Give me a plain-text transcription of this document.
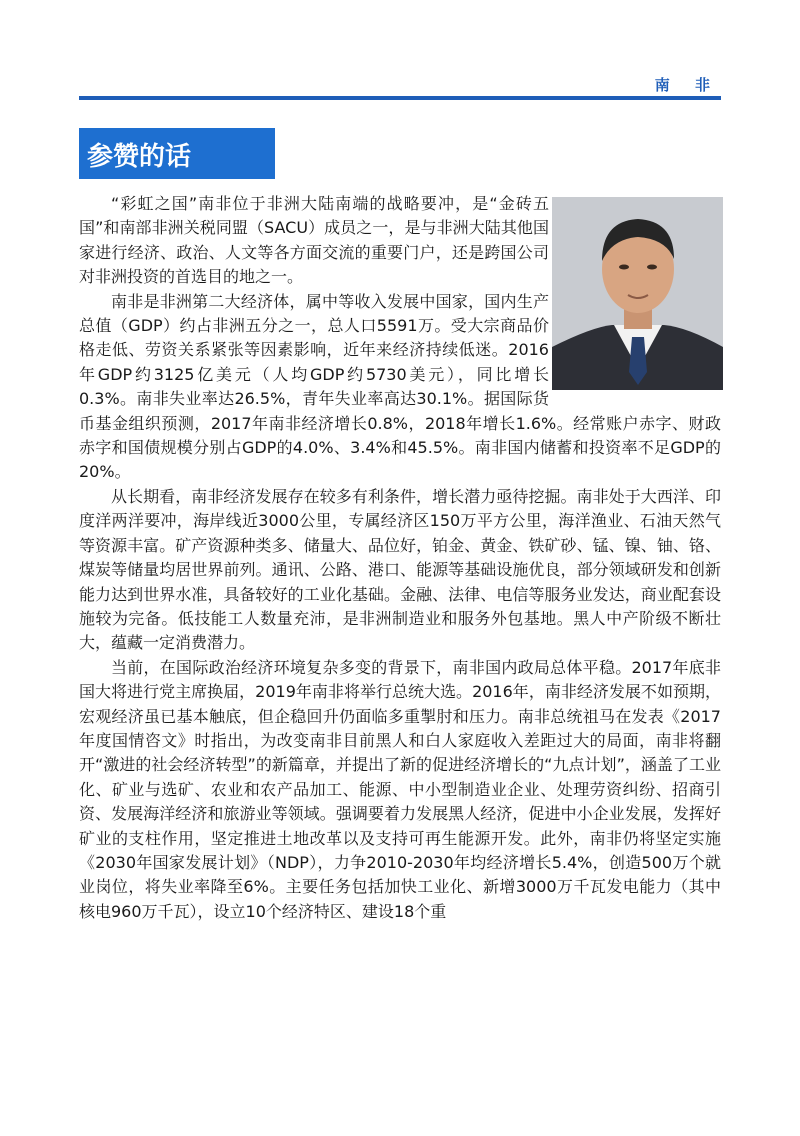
南 非
参赞的话

“彩虹之国”南非位于非洲大陆南端的战略要冲，是“金砖五国”和南部非洲关税同盟（SACU）成员之一，是与非洲大陆其他国家进行经济、政治、人文等各方面交流的重要门户，还是跨国公司对非洲投资的首选目的地之一。

南非是非洲第二大经济体，属中等收入发展中国家，国内生产总值（GDP）约占非洲五分之一，总人口5591万。受大宗商品价格走低、劳资关系紧张等因素影响，近年来经济持续低迷。2016年GDP约3125亿美元（人均GDP约5730美元），同比增长0.3%。南非失业率达26.5%，青年失业率高达30.1%。据国际货币基金组织预测，2017年南非经济增长0.8%，2018年增长1.6%。经常账户赤字、财政赤字和国债规模分别占GDP的4.0%、3.4%和45.5%。南非国内储蓄和投资率不足GDP的20%。

从长期看，南非经济发展存在较多有利条件，增长潜力亟待挖掘。南非处于大西洋、印度洋两洋要冲，海岸线近3000公里，专属经济区150万平方公里，海洋渔业、石油天然气等资源丰富。矿产资源种类多、储量大、品位好，铂金、黄金、铁矿砂、锰、镍、铀、铬、煤炭等储量均居世界前列。通讯、公路、港口、能源等基础设施优良，部分领域研发和创新能力达到世界水准，具备较好的工业化基础。金融、法律、电信等服务业发达，商业配套设施较为完备。低技能工人数量充沛，是非洲制造业和服务外包基地。黑人中产阶级不断壮大，蕴藏一定消费潜力。

当前，在国际政治经济环境复杂多变的背景下，南非国内政局总体平稳。2017年底非国大将进行党主席换届，2019年南非将举行总统大选。2016年，南非经济发展不如预期，宏观经济虽已基本触底，但企稳回升仍面临多重掣肘和压力。南非总统祖马在发表《2017年度国情咨文》时指出，为改变南非目前黑人和白人家庭收入差距过大的局面，南非将翻开“激进的社会经济转型”的新篇章，并提出了新的促进经济增长的“九点计划”，涵盖了工业化、矿业与选矿、农业和农产品加工、能源、中小型制造业企业、处理劳资纠纷、招商引资、发展海洋经济和旅游业等领域。强调要着力发展黑人经济，促进中小企业发展，发挥好矿业的支柱作用，坚定推进土地改革以及支持可再生能源开发。此外，南非仍将坚定实施《2030年国家发展计划》（NDP），力争2010-2030年均经济增长5.4%，创造500万个就业岗位，将失业率降至6%。主要任务包括加快工业化、新增3000万千瓦发电能力（其中核电960万千瓦），设立10个经济特区、建设18个重
